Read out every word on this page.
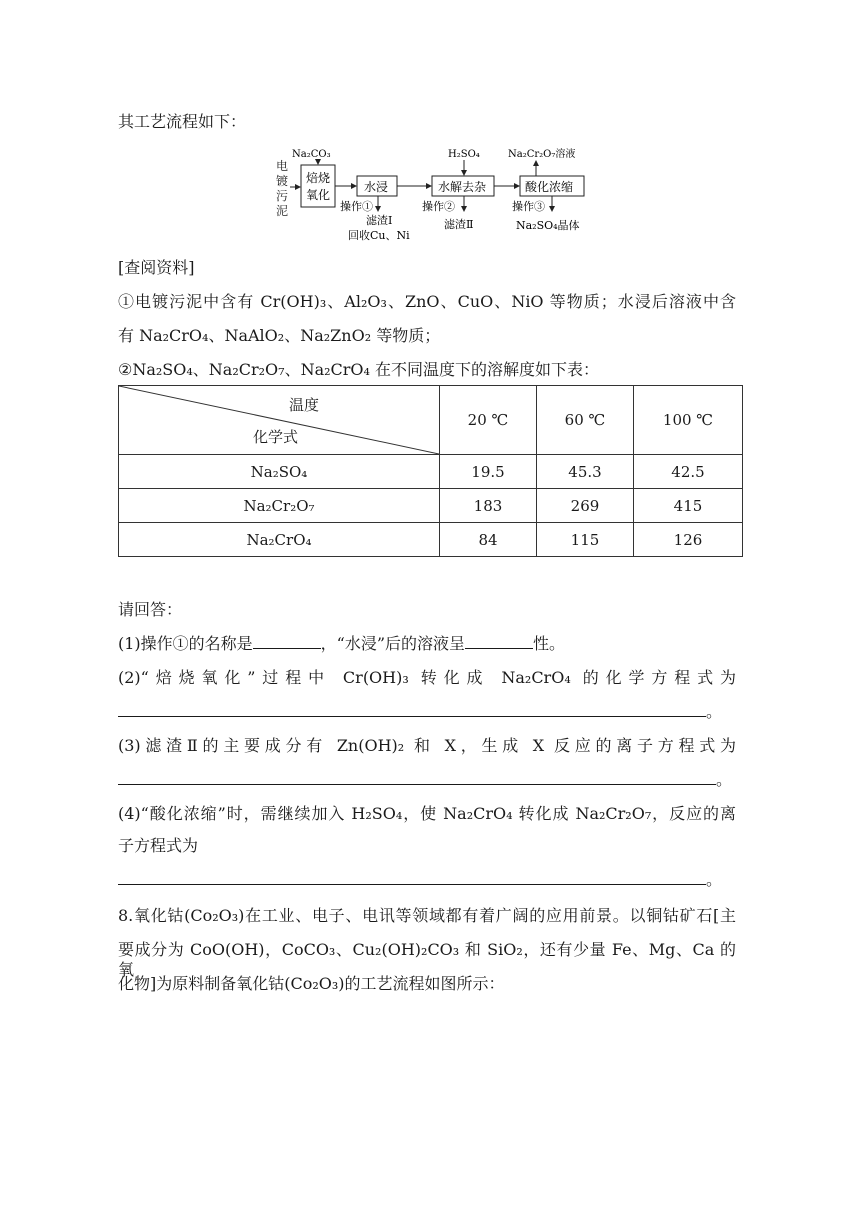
其工艺流程如下：
电
镀
污
泥
焙烧
氧化
Na₂CO₃
水浸
操作①
滤渣Ⅰ
回收Cu、Ni
水解去杂
H₂SO₄
操作②
滤渣Ⅱ
酸化浓缩
Na₂Cr₂O₇溶液
操作③
Na₂SO₄晶体
[查阅资料]
①电镀污泥中含有 Cr(OH)₃、Al₂O₃、ZnO、CuO、NiO 等物质；水浸后溶液中含
有 Na₂CrO₄、NaAlO₂、Na₂ZnO₂ 等物质；
②Na₂SO₄、Na₂Cr₂O₇、Na₂CrO₄ 在不同温度下的溶解度如下表：
温度
化学式	20 ℃	60 ℃	100 ℃
Na₂SO₄	19.5	45.3	42.5
Na₂Cr₂O₇	183	269	415
Na₂CrO₄	84	115	126
请回答：
(1)操作①的名称是	，“水浸”后的溶液呈	性。
(2)“焙烧氧化”过程中 Cr(OH)₃ 转化成 Na₂CrO₄ 的化学方程式为
。
(3)滤渣Ⅱ的主要成分有 Zn(OH)₂ 和 X，生成 X 反应的离子方程式为
。
(4)“酸化浓缩”时，需继续加入 H₂SO₄，使 Na₂CrO₄ 转化成 Na₂Cr₂O₇，反应的离
子方程式为
。
8.氧化钴(Co₂O₃)在工业、电子、电讯等领域都有着广阔的应用前景。以铜钴矿石[主
要成分为 CoO(OH)，CoCO₃、Cu₂(OH)₂CO₃ 和 SiO₂，还有少量 Fe、Mg、Ca 的氧
化物]为原料制备氧化钴(Co₂O₃)的工艺流程如图所示：
